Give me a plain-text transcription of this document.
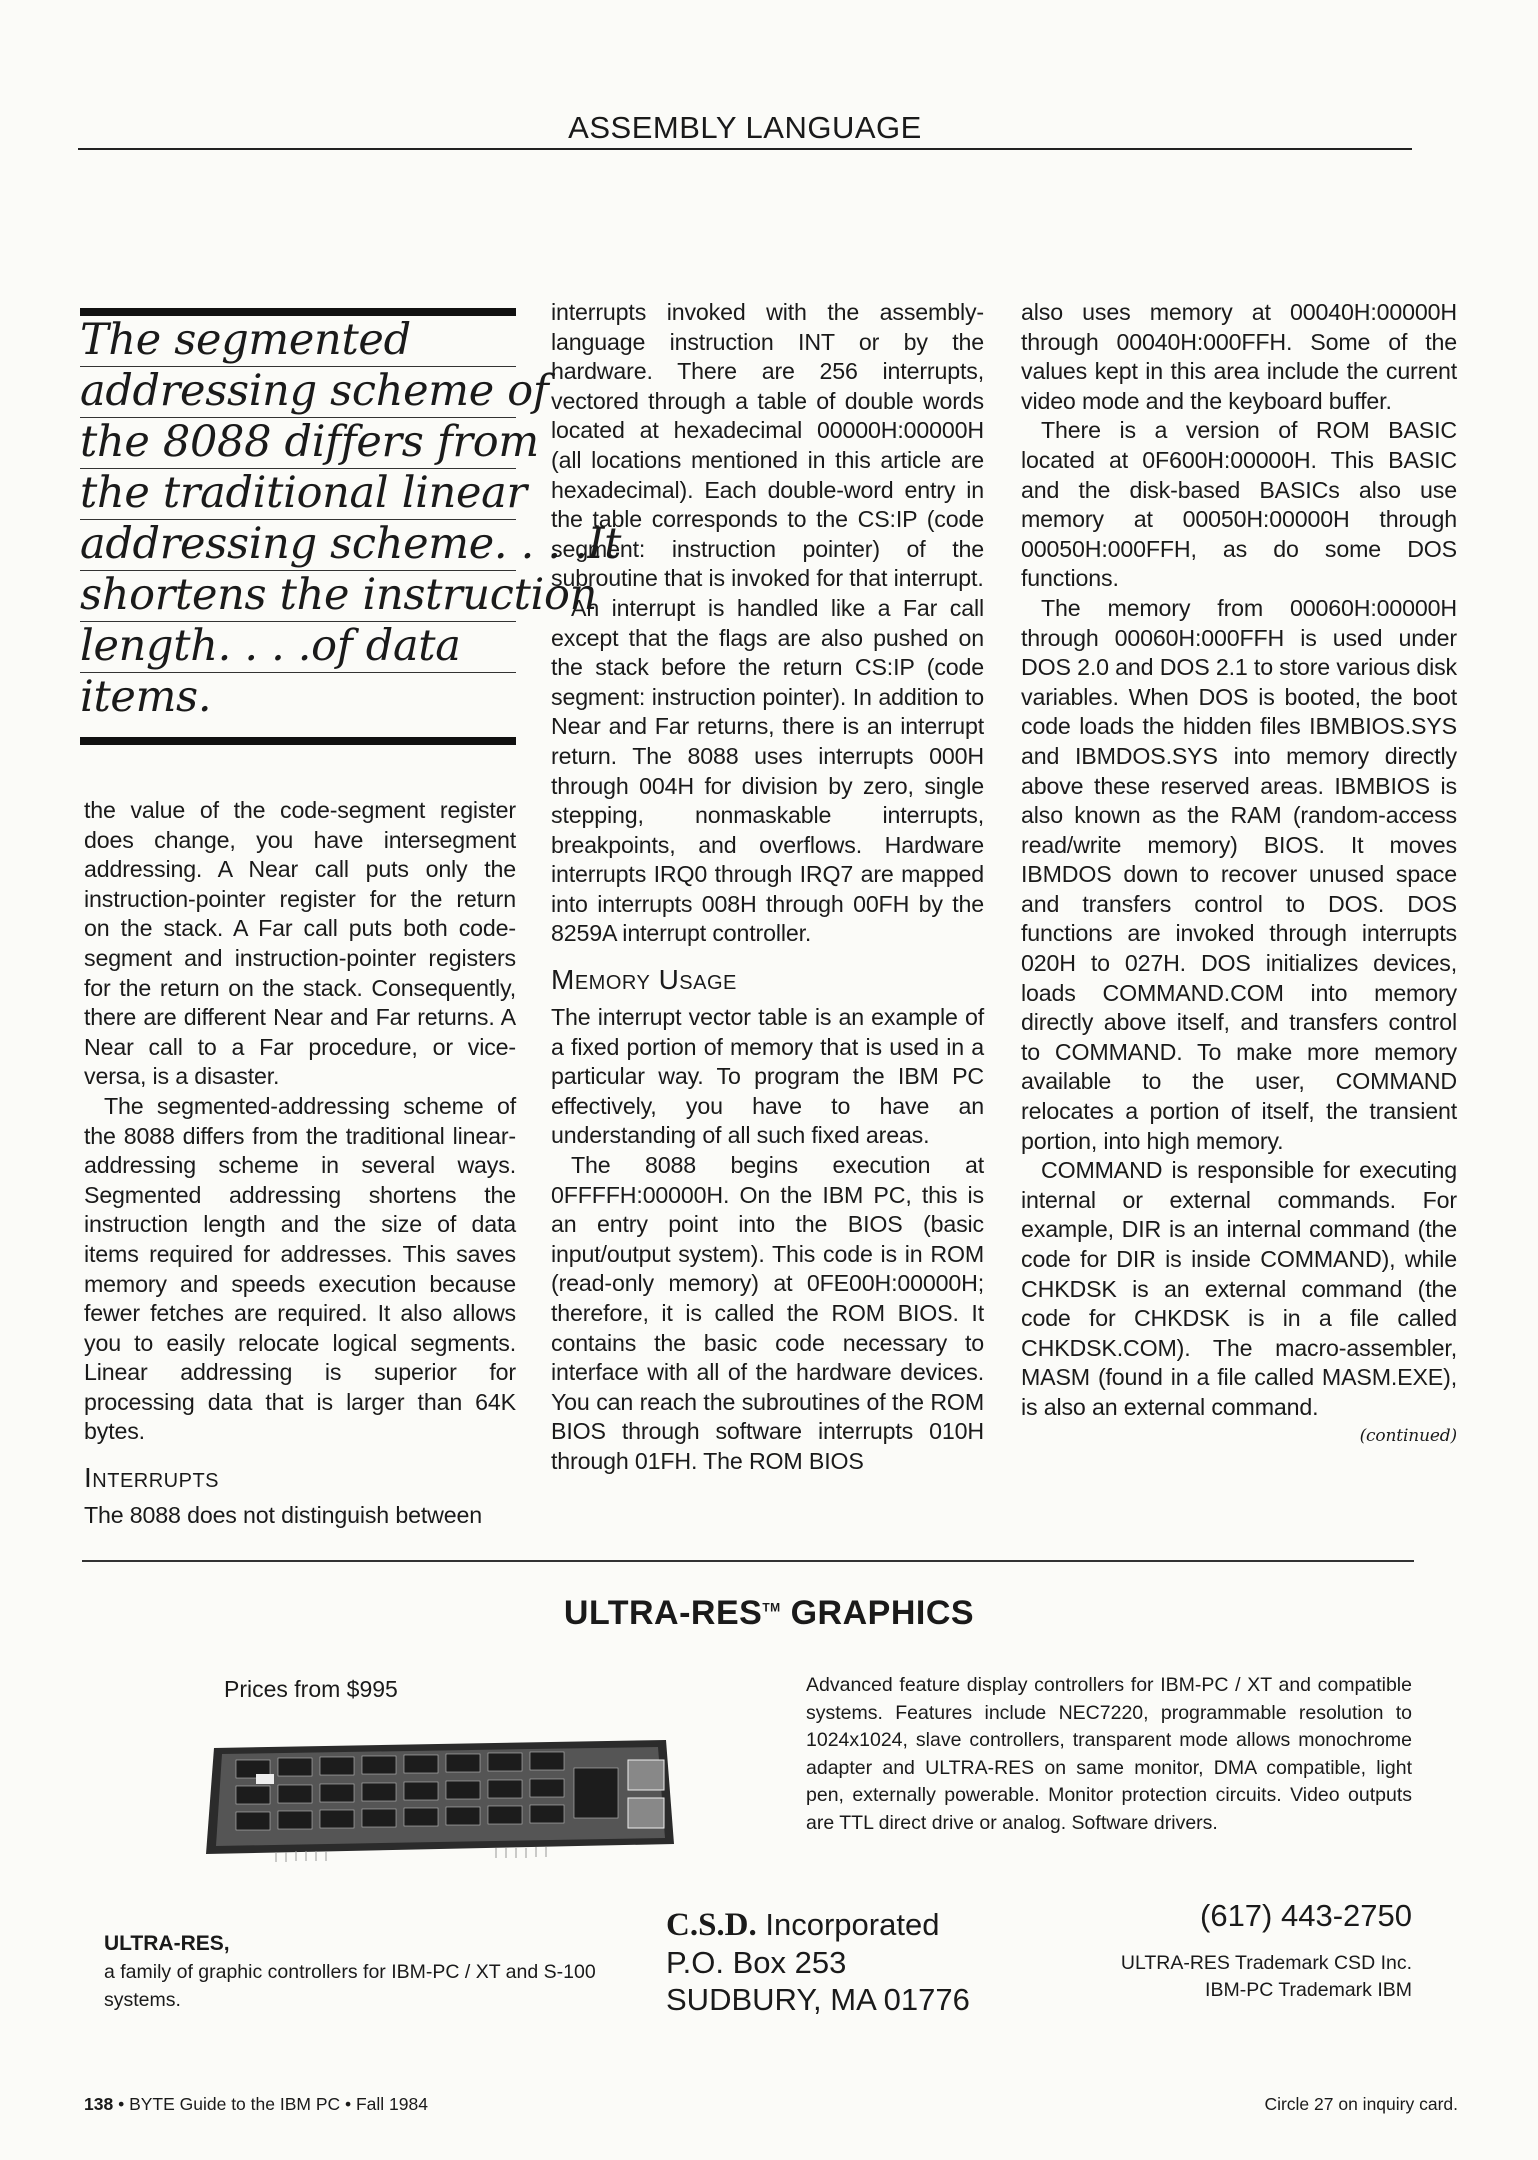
ASSEMBLY LANGUAGE
The segmented
addressing scheme of
the 8088 differs from
the traditional linear
addressing scheme. . . .It
shortens the instruction
length. . . .of data
items.

the value of the code-segment register does change, you have intersegment addressing. A Near call puts only the instruction-pointer register for the return on the stack. A Far call puts both code-segment and instruction-pointer registers for the return on the stack. Consequently, there are different Near and Far returns. A Near call to a Far procedure, or vice-versa, is a disaster.

The segmented-addressing scheme of the 8088 differs from the traditional linear-addressing scheme in several ways. Segmented addressing shortens the instruction length and the size of data items required for addresses. This saves memory and speeds execution because fewer fetches are required. It also allows you to easily relocate logical segments. Linear addressing is superior for processing data that is larger than 64K bytes.

Interrupts

The 8088 does not distinguish between

interrupts invoked with the assembly-language instruction INT or by the hardware. There are 256 interrupts, vectored through a table of double words located at hexadecimal 00000H:00000H (all locations mentioned in this article are hexadecimal). Each double-word entry in the table corresponds to the CS:IP (code segment: instruction pointer) of the subroutine that is invoked for that interrupt.

An interrupt is handled like a Far call except that the flags are also pushed on the stack before the return CS:IP (code segment: instruction pointer). In addition to Near and Far returns, there is an interrupt return. The 8088 uses interrupts 000H through 004H for division by zero, single stepping, nonmaskable interrupts, breakpoints, and overflows. Hardware interrupts IRQ0 through IRQ7 are mapped into interrupts 008H through 00FH by the 8259A interrupt controller.

Memory Usage

The interrupt vector table is an example of a fixed portion of memory that is used in a particular way. To program the IBM PC effectively, you have to have an understanding of all such fixed areas.

The 8088 begins execution at 0FFFFH:00000H. On the IBM PC, this is an entry point into the BIOS (basic input/output system). This code is in ROM (read-only memory) at 0FE00H:00000H; therefore, it is called the ROM BIOS. It contains the basic code necessary to interface with all of the hardware devices. You can reach the subroutines of the ROM BIOS through software interrupts 010H through 01FH. The ROM BIOS

also uses memory at 00040H:00000H through 00040H:000FFH. Some of the values kept in this area include the current video mode and the keyboard buffer.

There is a version of ROM BASIC located at 0F600H:00000H. This BASIC and the disk-based BASICs also use memory at 00050H:00000H through 00050H:000FFH, as do some DOS functions.

The memory from 00060H:00000H through 00060H:000FFH is used under DOS 2.0 and DOS 2.1 to store various disk variables. When DOS is booted, the boot code loads the hidden files IBMBIOS.SYS and IBMDOS.SYS into memory directly above these reserved areas. IBMBIOS is also known as the RAM (random-access read/write memory) BIOS. It moves IBMDOS down to recover unused space and transfers control to DOS. DOS functions are invoked through interrupts 020H to 027H. DOS initializes devices, loads COMMAND.COM into memory directly above itself, and transfers control to COMMAND. To make more memory available to the user, COMMAND relocates a portion of itself, the transient portion, into high memory.

COMMAND is responsible for executing internal or external commands. For example, DIR is an internal command (the code for DIR is inside COMMAND), while CHKDSK is an external command (the code for CHKDSK is in a file called CHKDSK.COM). The macro-assembler, MASM (found in a file called MASM.EXE), is also an external command.

(continued)
ULTRA-RES™ GRAPHICS
Prices from $995	Advanced feature display controllers for IBM-PC / XT and compatible systems. Features include NEC7220, programmable resolution to 1024x1024, slave controllers, transparent mode allows monochrome adapter and ULTRA-RES on same monitor, DMA compatible, light pen, externally powerable. Monitor protection circuits. Video outputs are TTL direct drive or analog. Software drivers.
ULTRA-RES,
a family of graphic controllers for IBM-PC / XT and S-100 systems.
C.S.D. Incorporated
P.O. Box 253
SUDBURY, MA 01776
(617) 443-2750
ULTRA-RES Trademark CSD Inc.
IBM-PC Trademark IBM
138 • BYTE Guide to the IBM PC • Fall 1984	Circle 27 on inquiry card.
